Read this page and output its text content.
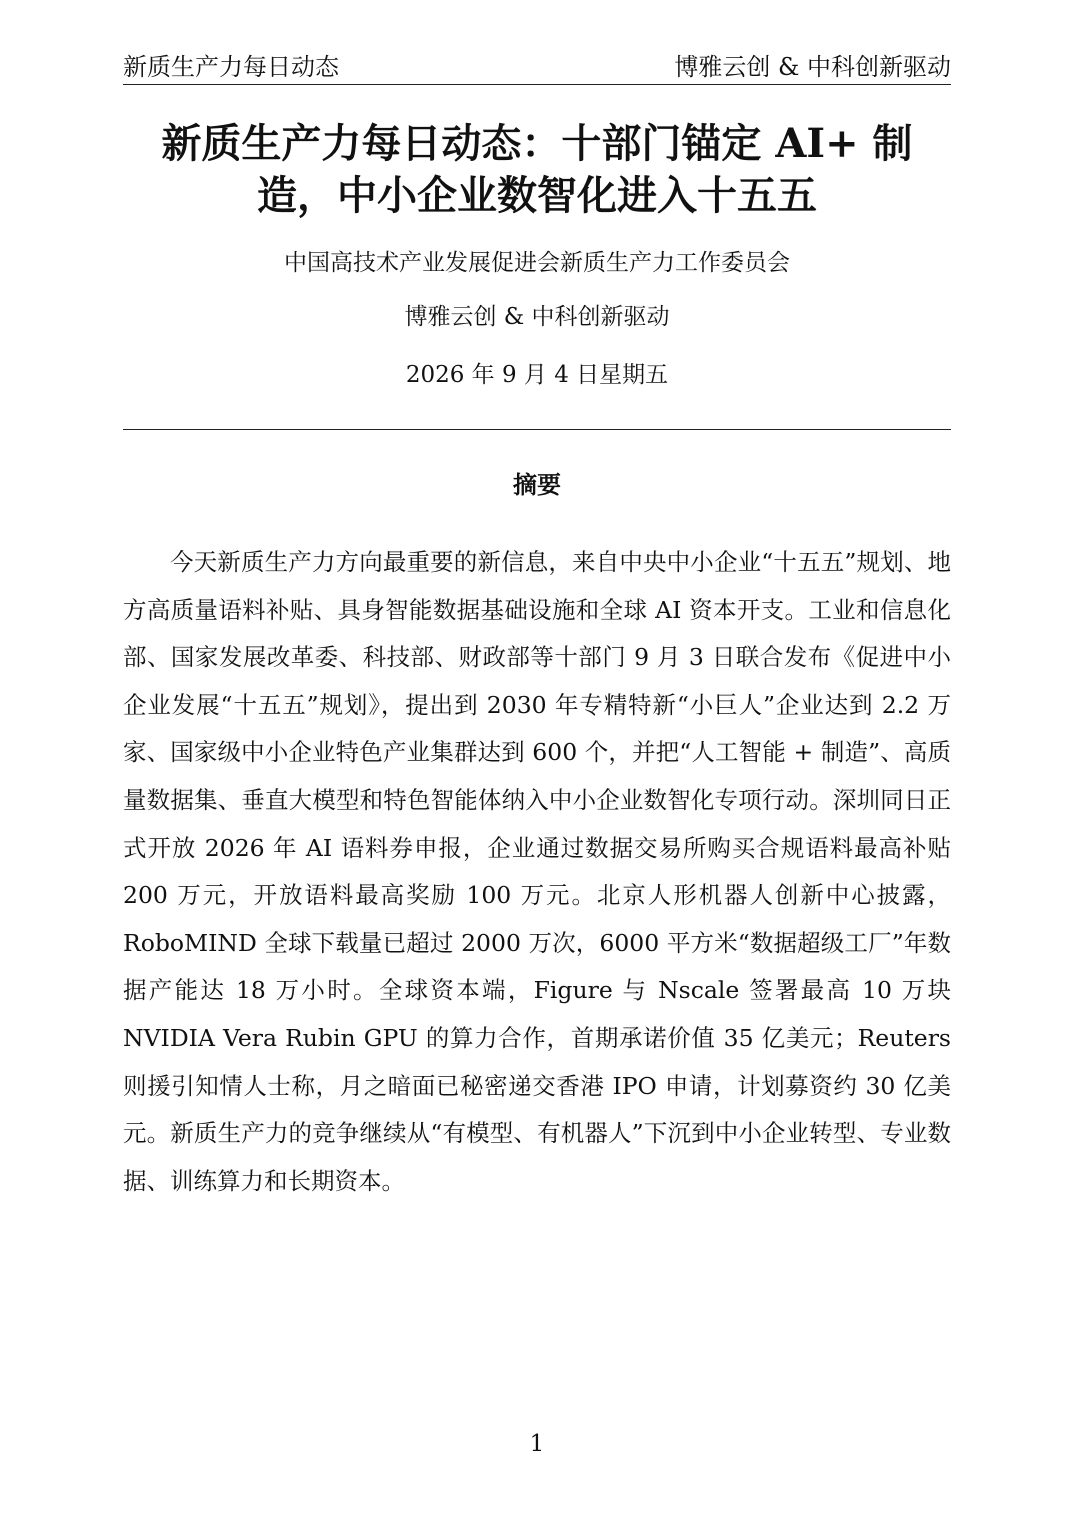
新质生产力每日动态	博雅云创 & 中科创新驱动
新质生产力每日动态：十部门锚定 AI+ 制造，中小企业数智化进入十五五
中国高技术产业发展促进会新质生产力工作委员会
博雅云创 & 中科创新驱动
2026 年 9 月 4 日星期五
摘要

今天新质生产力方向最重要的新信息，来自中央中小企业“十五五”规划、地方高质量语料补贴、具身智能数据基础设施和全球 AI 资本开支。工业和信息化部、国家发展改革委、科技部、财政部等十部门 9 月 3 日联合发布《促进中小企业发展“十五五”规划》，提出到 2030 年专精特新“小巨人”企业达到 2.2 万家、国家级中小企业特色产业集群达到 600 个，并把“人工智能 + 制造”、高质量数据集、垂直大模型和特色智能体纳入中小企业数智化专项行动。深圳同日正式开放 2026 年 AI 语料券申报，企业通过数据交易所购买合规语料最高补贴 200 万元，开放语料最高奖励 100 万元。北京人形机器人创新中心披露，RoboMIND 全球下载量已超过 2000 万次，6000 平方米“数据超级工厂”年数据产能达 18 万小时。全球资本端，Figure 与 Nscale 签署最高 10 万块 NVIDIA Vera Rubin GPU 的算力合作，首期承诺价值 35 亿美元；Reuters 则援引知情人士称，月之暗面已秘密递交香港 IPO 申请，计划募资约 30 亿美元。新质生产力的竞争继续从“有模型、有机器人”下沉到中小企业转型、专业数据、训练算力和长期资本。

1
